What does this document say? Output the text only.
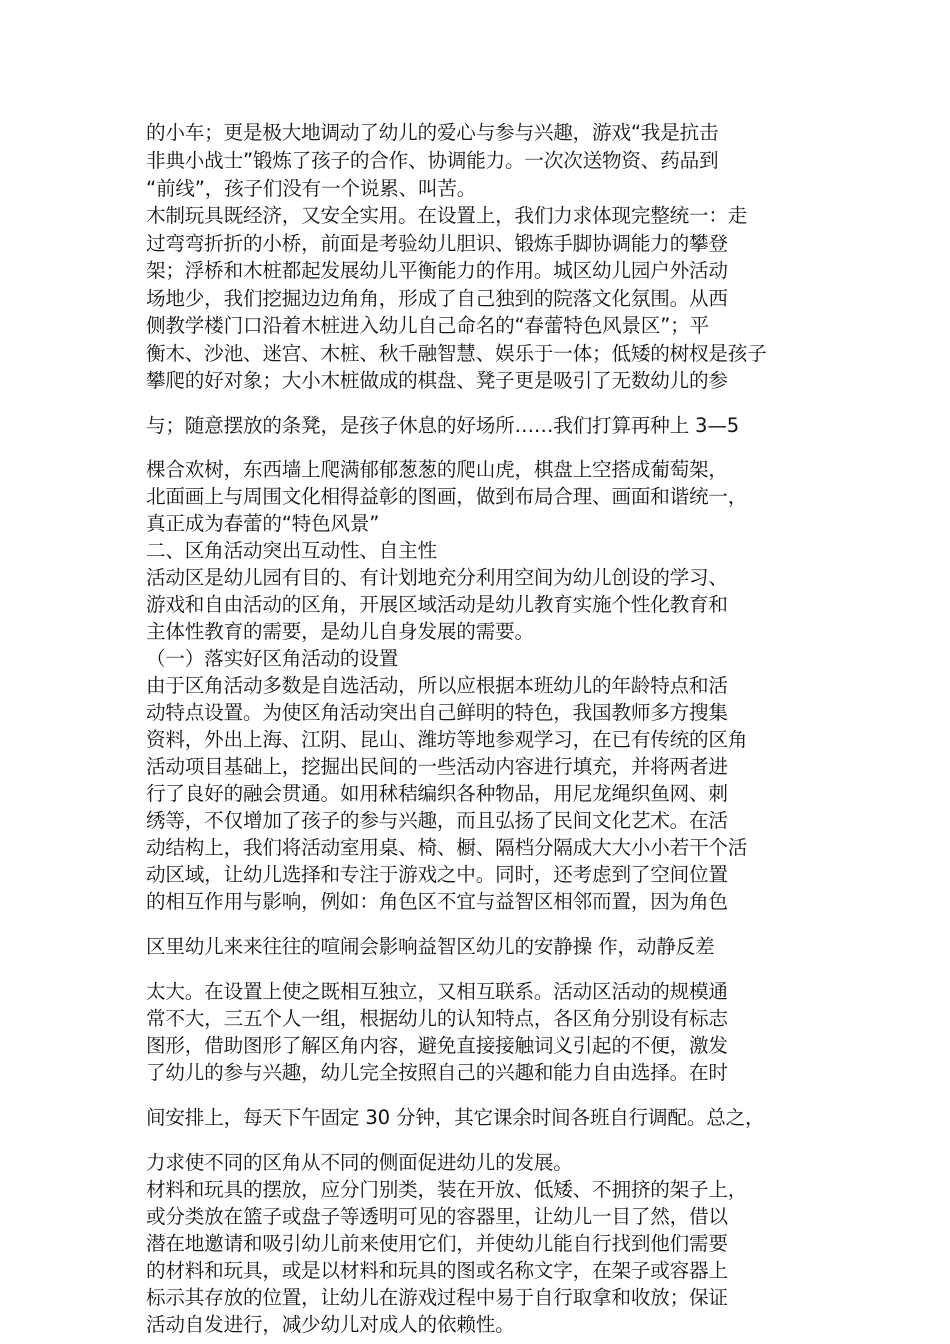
的小车；更是极大地调动了幼儿的爱心与参与兴趣，游戏“我是抗击
非典小战士”锻炼了孩子的合作、协调能力。一次次送物资、药品到
“前线”，孩子们没有一个说累、叫苦。
木制玩具既经济，又安全实用。在设置上，我们力求体现完整统一：走
过弯弯折折的小桥，前面是考验幼儿胆识、锻炼手脚协调能力的攀登
架；浮桥和木桩都起发展幼儿平衡能力的作用。城区幼儿园户外活动
场地少，我们挖掘边边角角，形成了自己独到的院落文化氛围。从西
侧教学楼门口沿着木桩进入幼儿自己命名的“春蕾特色风景区”；平
衡木、沙池、迷宫、木桩、秋千融智慧、娱乐于一体；低矮的树杈是孩子
攀爬的好对象；大小木桩做成的棋盘、凳子更是吸引了无数幼儿的参
与；随意摆放的条凳，是孩子休息的好场所……我们打算再种上 3—5
棵合欢树，东西墙上爬满郁郁葱葱的爬山虎，棋盘上空搭成葡萄架，
北面画上与周围文化相得益彰的图画，做到布局合理、画面和谐统一，
真正成为春蕾的“特色风景”
二、区角活动突出互动性、自主性
活动区是幼儿园有目的、有计划地充分利用空间为幼儿创设的学习、
游戏和自由活动的区角，开展区域活动是幼儿教育实施个性化教育和
主体性教育的需要，是幼儿自身发展的需要。
（一）落实好区角活动的设置
由于区角活动多数是自选活动，所以应根据本班幼儿的年龄特点和活
动特点设置。为使区角活动突出自己鲜明的特色，我国教师多方搜集
资料，外出上海、江阴、昆山、潍坊等地参观学习，在已有传统的区角
活动项目基础上，挖掘出民间的一些活动内容进行填充，并将两者进
行了良好的融会贯通。如用秫秸编织各种物品，用尼龙绳织鱼网、刺
绣等，不仅增加了孩子的参与兴趣，而且弘扬了民间文化艺术。在活
动结构上，我们将活动室用桌、椅、橱、隔档分隔成大大小小若干个活
动区域，让幼儿选择和专注于游戏之中。同时，还考虑到了空间位置
的相互作用与影响，例如：角色区不宜与益智区相邻而置，因为角色
区里幼儿来来往往的喧闹会影响益智区幼儿的安静操 作，动静反差
太大。在设置上使之既相互独立，又相互联系。活动区活动的规模通
常不大，三五个人一组，根据幼儿的认知特点，各区角分别设有标志
图形，借助图形了解区角内容，避免直接接触词义引起的不便，激发
了幼儿的参与兴趣，幼儿完全按照自己的兴趣和能力自由选择。在时
间安排上，每天下午固定 30 分钟，其它课余时间各班自行调配。总之，
力求使不同的区角从不同的侧面促进幼儿的发展。
材料和玩具的摆放，应分门别类，装在开放、低矮、不拥挤的架子上，
或分类放在篮子或盘子等透明可见的容器里，让幼儿一目了然，借以
潜在地邀请和吸引幼儿前来使用它们，并使幼儿能自行找到他们需要
的材料和玩具，或是以材料和玩具的图或名称文字，在架子或容器上
标示其存放的位置，让幼儿在游戏过程中易于自行取拿和收放；保证
活动自发进行，减少幼儿对成人的依赖性。
